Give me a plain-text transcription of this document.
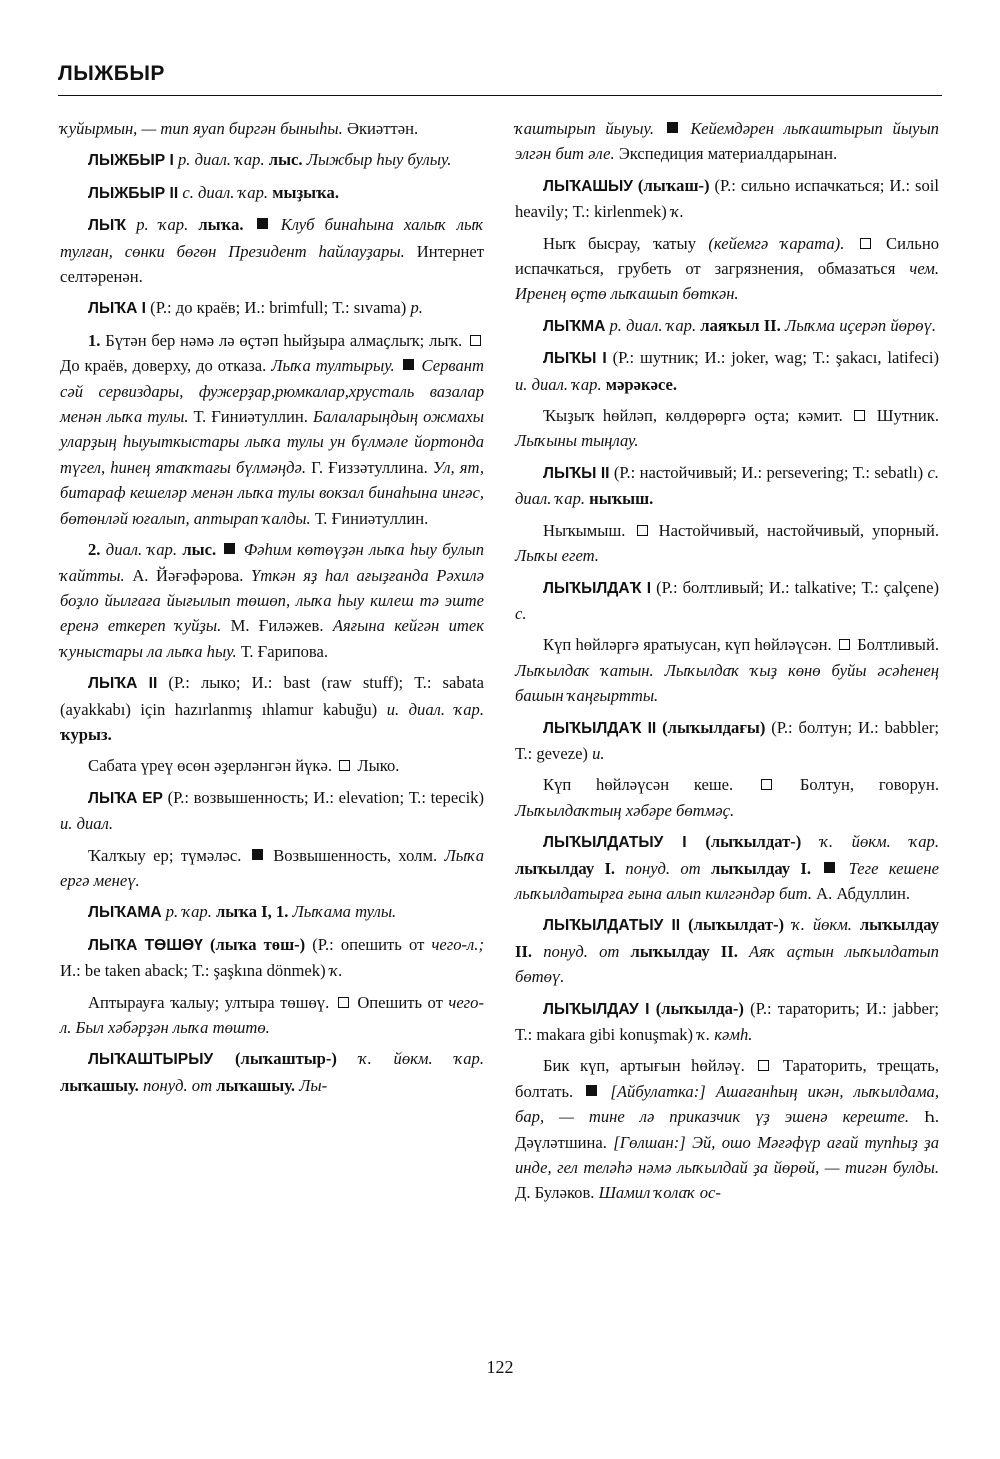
ЛЫЖБЫР

ҡуйырмын, — тип яуап биргән быныһы. Әкиәттән.

ЛЫЖБЫР I р. диал. ҡар. лыс. Лыжбыр һыу булыу.

ЛЫЖБЫР II с. диал. ҡар. мыҙыҡа.

ЛЫҠ р. ҡар. лыҡа. Клуб бинаһына халыҡ лыҡ тулған, сөнки бөгөн Президент һайлауҙары. Интернет селтәренән.

ЛЫҠА I (Р.: до краёв; И.: brimfull; Т.: sıvama) р.

1. Бүтән бер нәмә лә өҫтәп һыйҙыра алмаҫлыҡ; лыҡ.  До краёв, доверху, до отказа. Лыҡа тултырыу. Сервант сәй сервиздары, фужерҙар,рюмкалар,хрусталь вазалар менән лыҡа тулы. Т. Ғиниәтуллин. Балаларыңдың ожмахы уларҙың һыуыткыстары лыҡа тулы ун бүлмәле йортонда түгел, һинең ятаҡтағы бүлмәңдә. Г. Ғиззәтуллина. Ул, ят, битараф кешеләр менән лыҡа тулы вокзал бинаһына ингәс, бөтөнләй юғалып, аптырап ҡалды. Т. Ғиниәтуллин.

2. диал. ҡар. лыс. Фәһим көтөүҙән лыҡа һыу булып ҡайтты. А. Йәғәфәрова. Үткән яҙ һал ағыҙғанда Рәхилә боҙло йылғаға йығылып төшөп, лыҡа һыу килеш тә эште еренә еткереп ҡуйҙы. М. Ғиләжев. Аяғына кейгән итек ҡуныстары ла лыҡа һыу. Т. Ғарипова.

ЛЫҠА II (Р.: лыко; И.: bast (raw stuff); Т.: sabata (ayakkabı) için hazırlanmış ıhlamur kabuğu) и. диал. ҡар. ҡурыз.

Сабата үреү өсөн әҙерләнгән йүкә. Лыко.

ЛЫҠА ЕР (Р.: возвышенность; И.: elevation; Т.: tepecik) и. диал.

Ҡалҡыу ер; түмәләс. Возвышенность, холм. Лыҡа ергә менеү.

ЛЫҠАМА р. ҡар. лыҡа I, 1. Лыҡама тулы.

ЛЫҠА ТӨШӨҮ (лыҡа төш-) (Р.: опешить от чего-л.; И.: be taken aback; Т.: şaşkına dönmek) ҡ.

Аптырауға ҡалыу; ултыра төшөү. Опешить от чего-л. Был хәбәрҙән лыҡа төштө.

ЛЫҠАШТЫРЫУ (лыҡаштыр-) ҡ. йөкм. ҡар. лыҡашыу. понуд. от лыҡашыу. Лы-

ҡаштырып йыуыу. Кейемдәрен лыҡаштырып йыуып элгән бит әле. Экспедиция материалдарынан.

ЛЫҠАШЫУ (лыҡаш-) (Р.: сильно испачкаться; И.: soil heavily; Т.: kirlenmek) ҡ.

Ныҡ бысрау, ҡатыу (кейемгә ҡарата).	Сильно испачкаться, грубеть от загрязнения, обмазаться чем. Иренең өҫтө лыҡашып бөткән.

ЛЫҠМА р. диал. ҡар. лаяҡыл II. Лыҡма иҫерәп йөрөү.

ЛЫҠЫ I (Р.: шутник; И.: joker, wag; Т.: şakacı, latifeci) и. диал. ҡар. мәрәкәсе.

Ҡыҙыҡ һөйләп, көлдөрөргә оҫта; кәмит. Шутник. Лыҡыны тыңлау.

ЛЫҠЫ II (Р.: настойчивый; И.: persevering; Т.: sebatlı) с. диал. ҡар. ныҡыш.

Ныҡымыш. Настойчивый, настойчивый, упорный. Лыҡы егет.

ЛЫҠЫЛДАҠ I (Р.: болтливый; И.: talkative; Т.: çalçene) с.

Күп һөйләргә яратыусан, күп һөйләүсән. Болтливый. Лыҡылдаҡ ҡатын. Лыҡылдаҡ ҡыҙ көнө буйы әсәһенең башын ҡаңғыртты.

ЛЫҠЫЛДАҠ II (лыҡылдағы) (Р.: болтун; И.: babbler; Т.: geveze) и.

Күп һөйләүсән кеше.	Болтун, говорун. Лыҡылдаҡтың хәбәре бөтмәҫ.

ЛЫҠЫЛДАТЫУ I (лыҡылдат-) ҡ. йөкм. ҡар. лыҡылдау I. понуд. от лыҡылдау I. Теге кешене лыҡылдатырға ғына алып килгәндәр бит. А. Абдуллин.

ЛЫҠЫЛДАТЫУ II (лыҡылдат-) ҡ. йөкм. лыҡылдау II. понуд. от лыҡылдау II. Аяҡ аҫтын лыҡылдатып бөтөү.

ЛЫҠЫЛДАУ I (лыҡылда-) (Р.: тараторить; И.: jabber; Т.: makara gibi konuşmak) ҡ. кәмһ.

Бик күп, артығын һөйләү. Тараторить, трещать, болтать. [Айбулатка:] Ашағанһың икән, лыҡылдама, бар, — тине лә приказчик үҙ эшенә кереште. Һ. Дәүләтшина. [Гөлшан:] Эй, ошо Мәғәфүр ағай тупһыҙ ҙа инде, гел теләһә нәмә лыҡылдай ҙа йөрөй, — тигән булды. Д. Буләков. Шамил ҡолаҡ ос-

122
